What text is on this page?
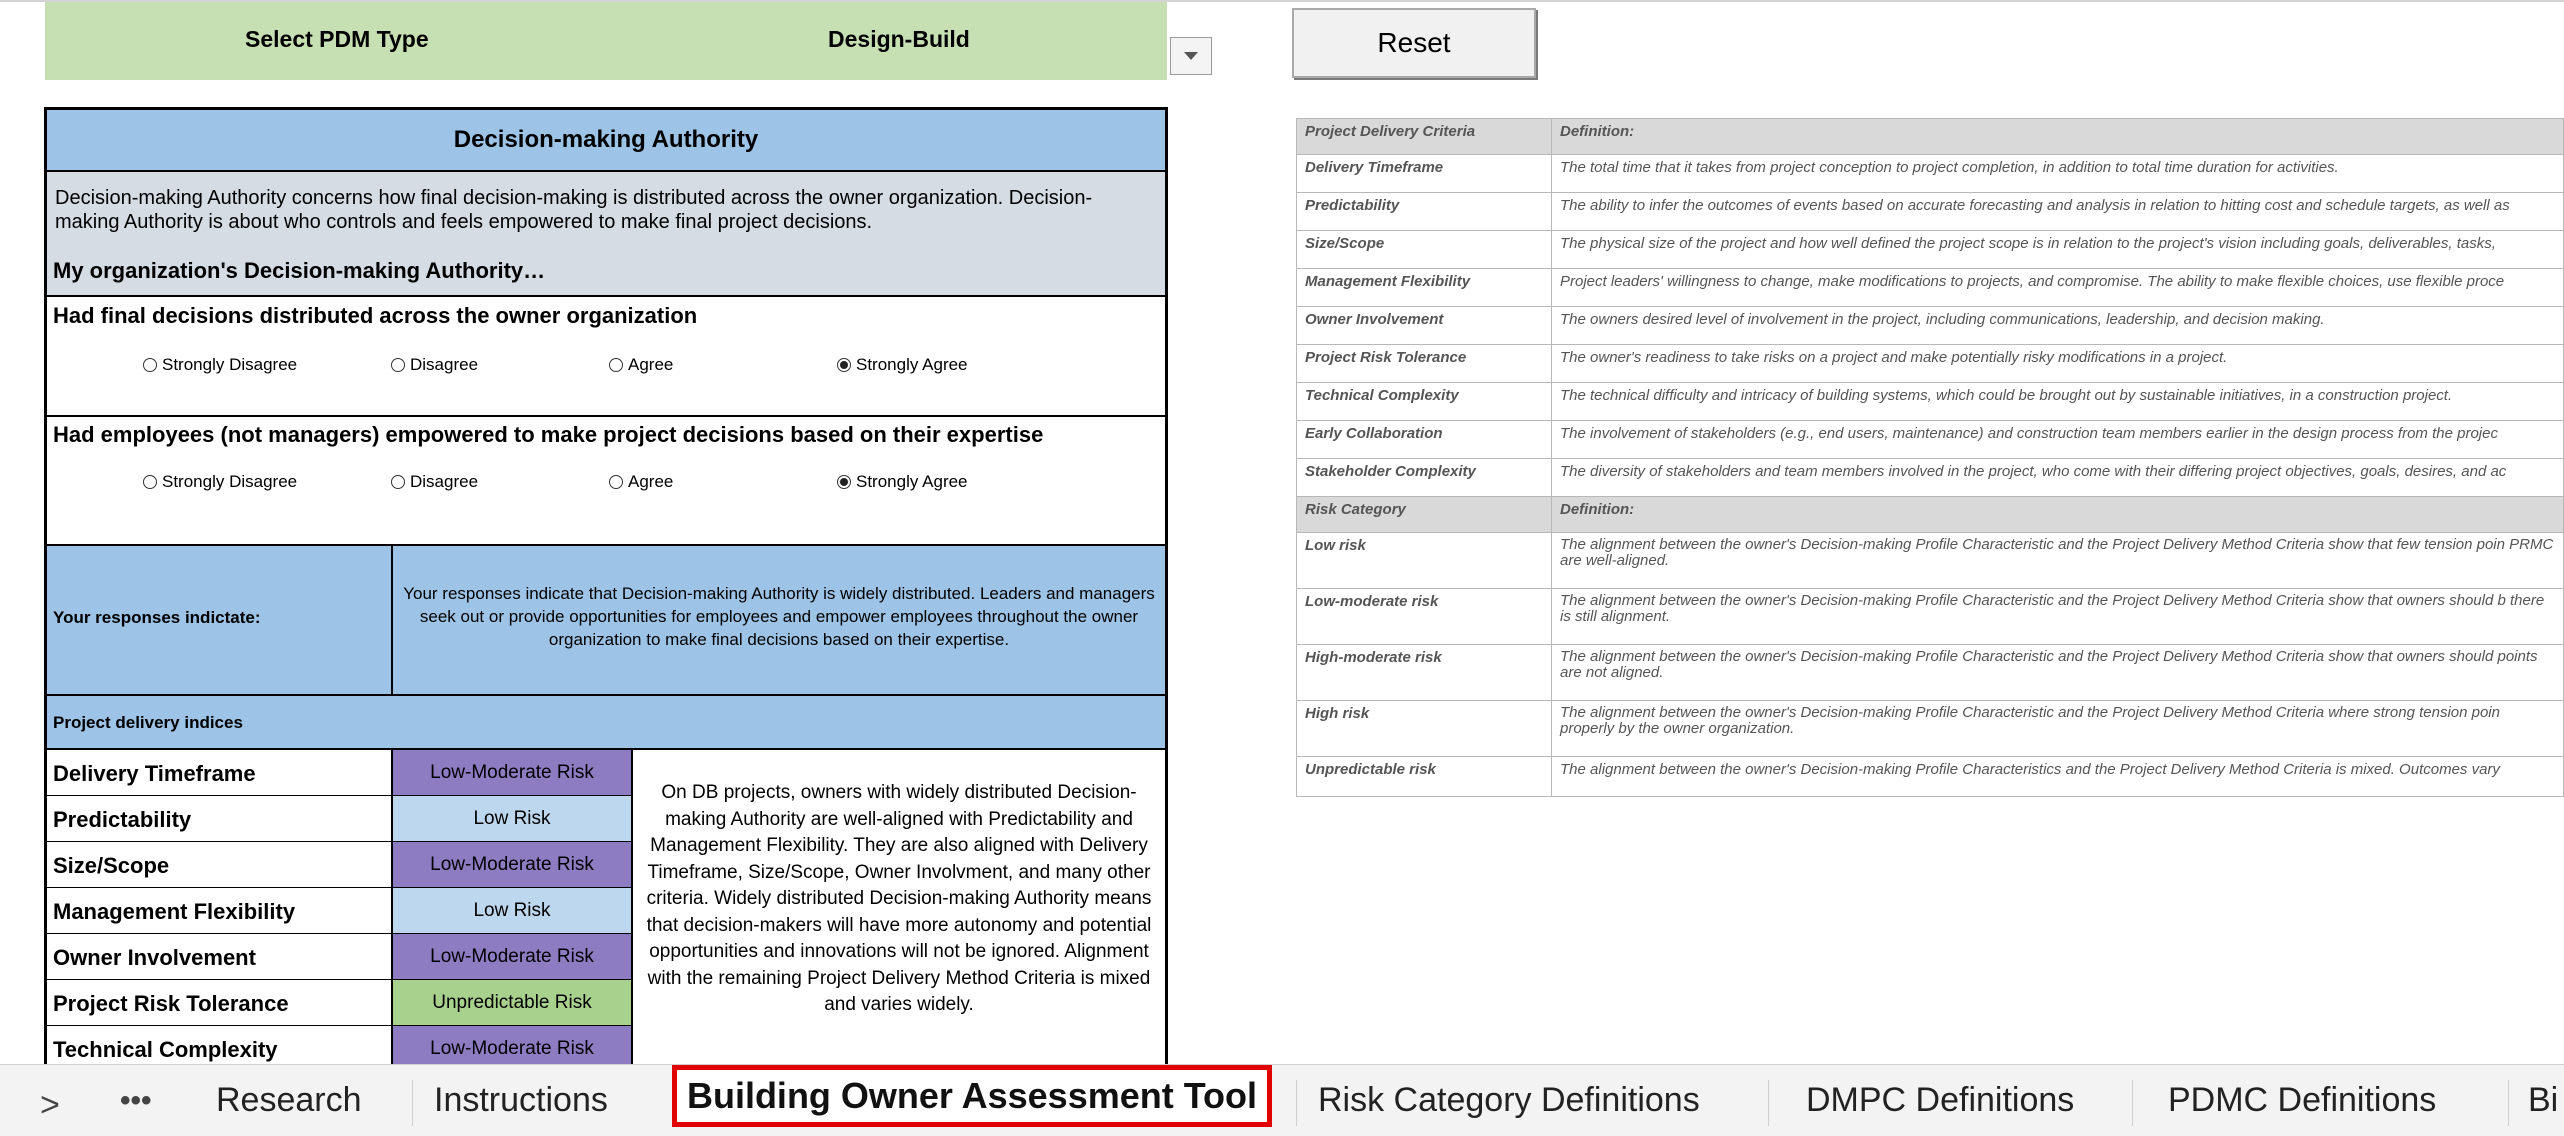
Select PDM Type	Design-Build	Reset
Decision-making Authority
Decision-making Authority concerns how final decision-making is distributed across the owner organization. Decision-making Authority is about who controls and feels empowered to make final project decisions.
My organization's Decision-making Authority…
Had final decisions distributed across the owner organization
Strongly Disagree	Disagree	Agree	Strongly Agree
Had employees (not managers) empowered to make project decisions based on their expertise
Strongly Disagree	Disagree	Agree	Strongly Agree
Your responses indictate:
Your responses indicate that Decision-making Authority is widely distributed. Leaders and managers seek out or provide opportunities for employees and empower employees throughout the owner organization to make final decisions based on their expertise.
Project delivery indices
Delivery Timeframe	Low-Moderate Risk
Predictability	Low Risk
Size/Scope	Low-Moderate Risk
Management Flexibility	Low Risk
Owner Involvement	Low-Moderate Risk
Project Risk Tolerance	Unpredictable Risk
Technical Complexity	Low-Moderate Risk
On DB projects, owners with widely distributed Decision-making Authority are well-aligned with Predictability and Management Flexibility. They are also aligned with Delivery Timeframe, Size/Scope, Owner Involvment, and many other criteria. Widely distributed Decision-making Authority means that decision-makers will have more autonomy and potential opportunities and innovations will not be ignored. Alignment with the remaining Project Delivery Method Criteria is mixed and varies widely.
Project Delivery Criteria	Definition:
Delivery Timeframe	The total time that it takes from project conception to project completion, in addition to total time duration for activities.
Predictability	The ability to infer the outcomes of events based on accurate forecasting and analysis in relation to hitting cost and schedule targets, as well as
Size/Scope	The physical size of the project and how well defined the project scope is in relation to the project's vision including goals, deliverables, tasks,
Management Flexibility	Project leaders' willingness to change, make modifications to projects, and compromise. The ability to make flexible choices, use flexible proce
Owner Involvement	The owners desired level of involvement in the project, including communications, leadership, and decision making.
Project Risk Tolerance	The owner's readiness to take risks on a project and make potentially risky modifications in a project.
Technical Complexity	The technical difficulty and intricacy of building systems, which could be brought out by sustainable initiatives, in a construction project.
Early Collaboration	The involvement of stakeholders (e.g., end users, maintenance) and construction team members earlier in the design process from the projec
Stakeholder Complexity	The diversity of stakeholders and team members involved in the project, who come with their differing project objectives, goals, desires, and ac
Risk Category	Definition:
Low risk	The alignment between the owner's Decision-making Profile Characteristic and the Project Delivery Method Criteria show that few tension poin PRMC are well-aligned.
Low-moderate risk	The alignment between the owner's Decision-making Profile Characteristic and the Project Delivery Method Criteria show that owners should b there is still alignment.
High-moderate risk	The alignment between the owner's Decision-making Profile Characteristic and the Project Delivery Method Criteria show that owners should points are not aligned.
High risk	The alignment between the owner's Decision-making Profile Characteristic and the Project Delivery Method Criteria where strong tension poin properly by the owner organization.
Unpredictable risk	The alignment between the owner's Decision-making Profile Characteristics and the Project Delivery Method Criteria is mixed. Outcomes vary
> ••• Research Instructions	Building Owner Assessment Tool	Risk Category Definitions	DMPC Definitions	PDMC Definitions	Bi
